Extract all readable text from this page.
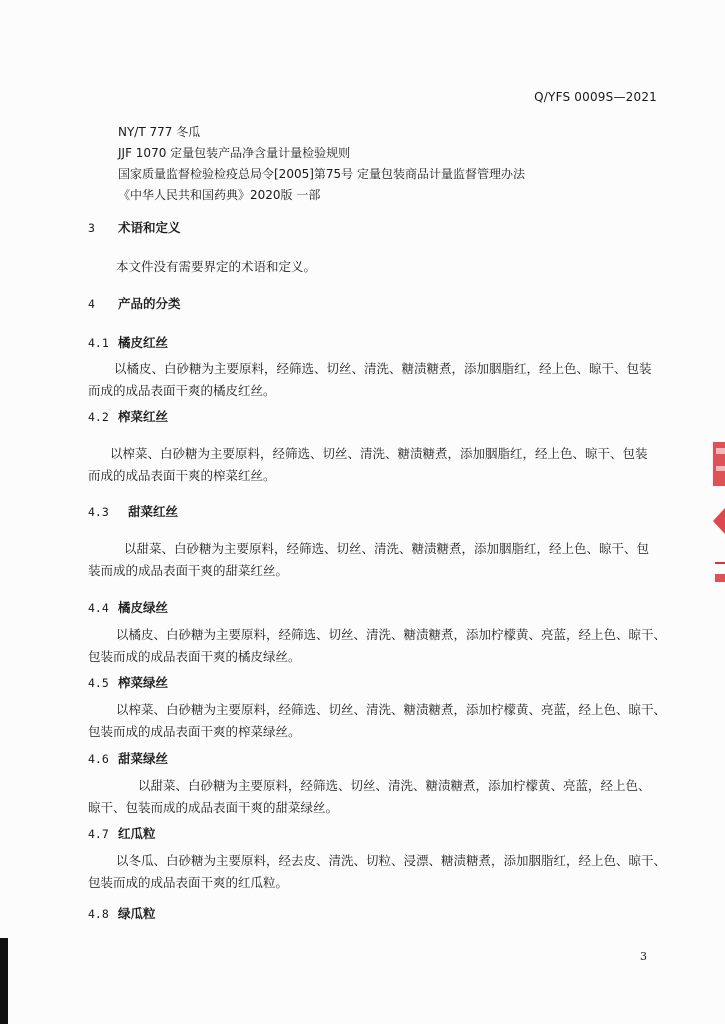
Q/YFS 0009S—2021
NY/T 777 冬瓜
JJF 1070 定量包装产品净含量计量检验规则
国家质量监督检验检疫总局令[2005]第75号 定量包装商品计量监督管理办法
《中华人民共和国药典》2020版 一部
3 术语和定义
本文件没有需要界定的术语和定义。
4 产品的分类
4.1 橘皮红丝
以橘皮、白砂糖为主要原料，经筛选、切丝、清洗、糖渍糖煮，添加胭脂红，经上色、晾干、包装
而成的成品表面干爽的橘皮红丝。
4.2 榨菜红丝
以榨菜、白砂糖为主要原料，经筛选、切丝、清洗、糖渍糖煮，添加胭脂红，经上色、晾干、包装
而成的成品表面干爽的榨菜红丝。
4.3 甜菜红丝
以甜菜、白砂糖为主要原料，经筛选、切丝、清洗、糖渍糖煮，添加胭脂红，经上色、晾干、包
装而成的成品表面干爽的甜菜红丝。
4.4 橘皮绿丝
以橘皮、白砂糖为主要原料，经筛选、切丝、清洗、糖渍糖煮，添加柠檬黄、亮蓝，经上色、晾干、
包装而成的成品表面干爽的橘皮绿丝。
4.5 榨菜绿丝
以榨菜、白砂糖为主要原料，经筛选、切丝、清洗、糖渍糖煮，添加柠檬黄、亮蓝，经上色、晾干、
包装而成的成品表面干爽的榨菜绿丝。
4.6 甜菜绿丝
以甜菜、白砂糖为主要原料，经筛选、切丝、清洗、糖渍糖煮，添加柠檬黄、亮蓝，经上色、
晾干、包装而成的成品表面干爽的甜菜绿丝。
4.7 红瓜粒
以冬瓜、白砂糖为主要原料，经去皮、清洗、切粒、浸漂、糖渍糖煮，添加胭脂红，经上色、晾干、
包装而成的成品表面干爽的红瓜粒。
4.8 绿瓜粒
3
